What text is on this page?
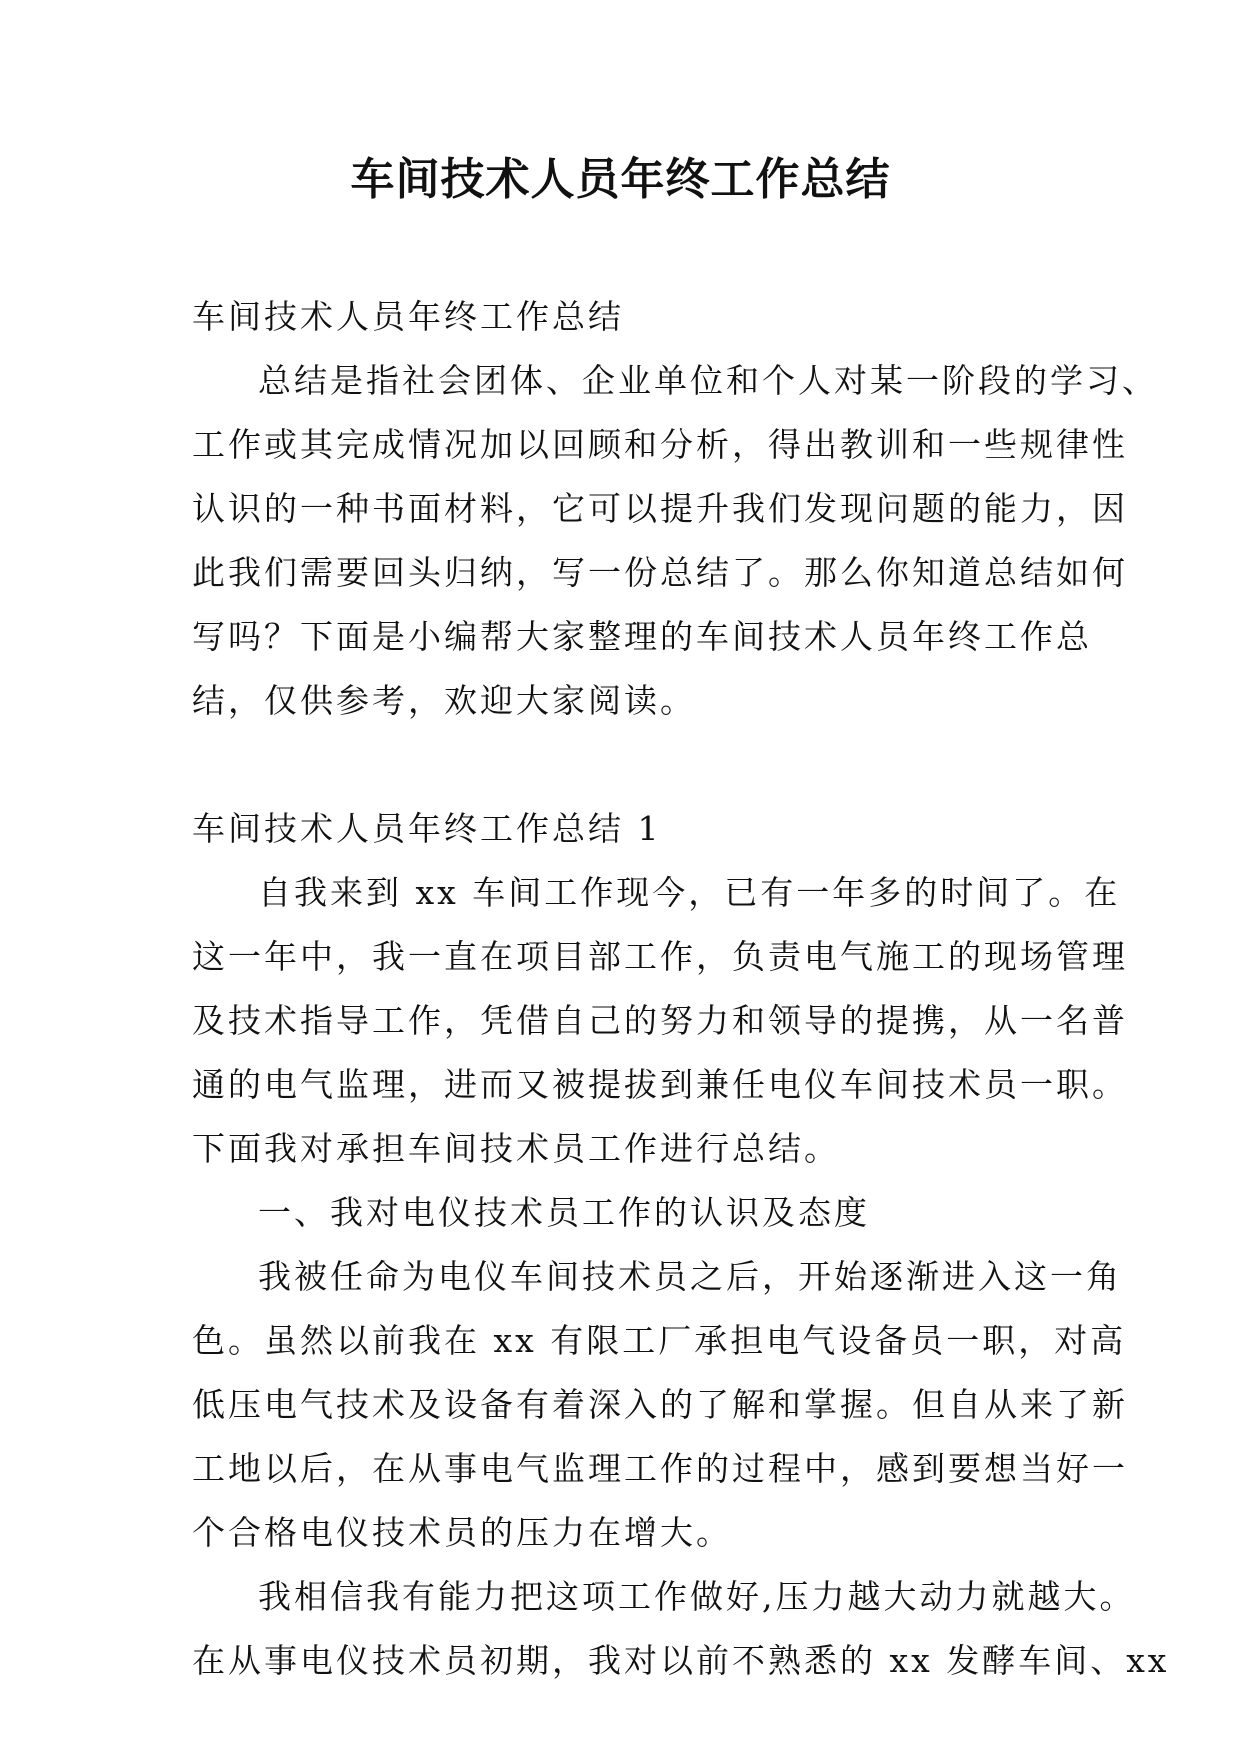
车间技术人员年终工作总结

车间技术人员年终工作总结

总结是指社会团体、企业单位和个人对某一阶段的学习、

工作或其完成情况加以回顾和分析，得出教训和一些规律性

认识的一种书面材料，它可以提升我们发现问题的能力，因

此我们需要回头归纳，写一份总结了。那么你知道总结如何

写吗？下面是小编帮大家整理的车间技术人员年终工作总

结，仅供参考，欢迎大家阅读。

车间技术人员年终工作总结 1

自我来到 xx 车间工作现今，已有一年多的时间了。在

这一年中，我一直在项目部工作，负责电气施工的现场管理

及技术指导工作，凭借自己的努力和领导的提携，从一名普

通的电气监理，进而又被提拔到兼任电仪车间技术员一职。

下面我对承担车间技术员工作进行总结。

一、我对电仪技术员工作的认识及态度

我被任命为电仪车间技术员之后，开始逐渐进入这一角

色。虽然以前我在 xx 有限工厂承担电气设备员一职，对高

低压电气技术及设备有着深入的了解和掌握。但自从来了新

工地以后，在从事电气监理工作的过程中，感到要想当好一

个合格电仪技术员的压力在增大。

我相信我有能力把这项工作做好,压力越大动力就越大。

在从事电仪技术员初期，我对以前不熟悉的 xx 发酵车间、xx
